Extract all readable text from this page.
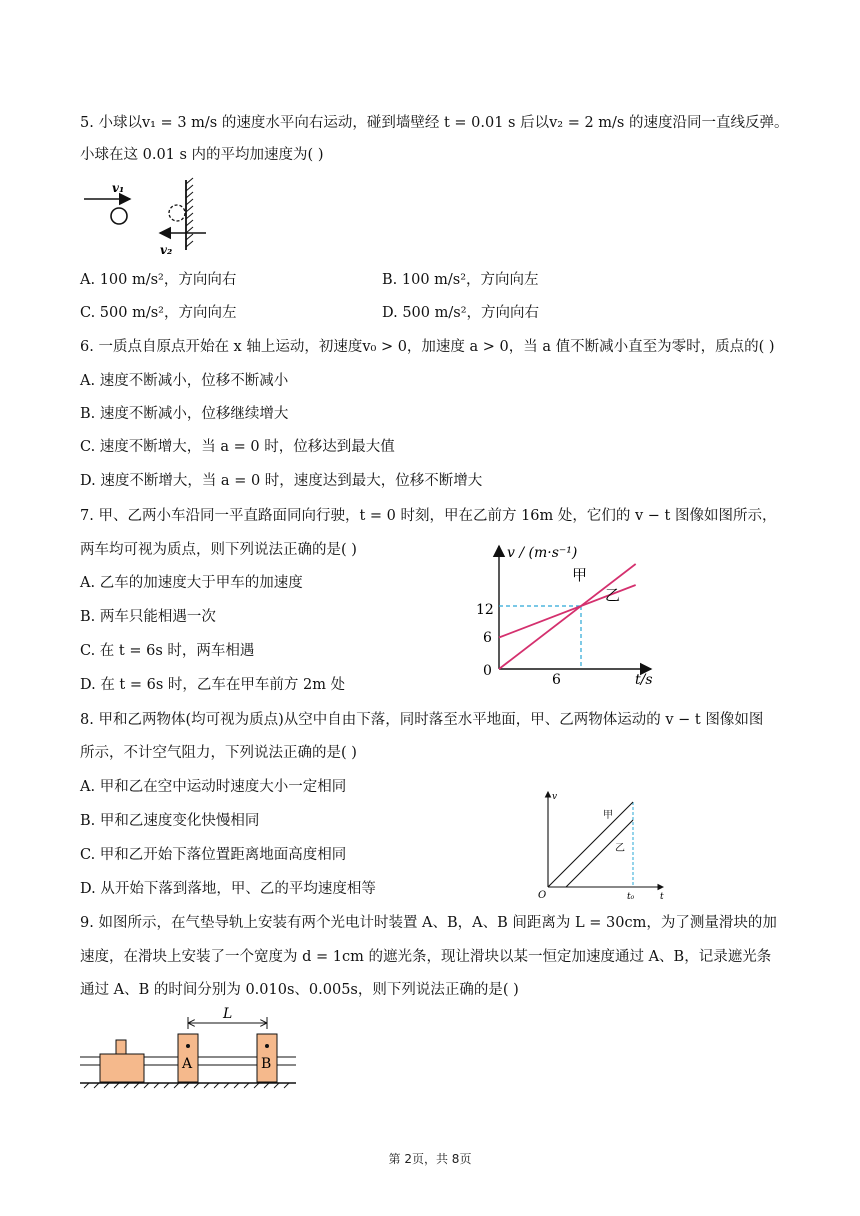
5. 小球以v₁ = 3 m/s 的速度水平向右运动，碰到墙壁经 t = 0.01 s 后以v₂ = 2 m/s 的速度沿同一直线反弹。
小球在这 0.01 s 内的平均加速度为( )
v₁
v₂
A. 100 m/s²，方向向右	B. 100 m/s²，方向向左
C. 500 m/s²，方向向左	D. 500 m/s²，方向向右
6. 一质点自原点开始在 x 轴上运动，初速度v₀ > 0，加速度 a > 0，当 a 值不断减小直至为零时，质点的( )
A. 速度不断减小，位移不断减小
B. 速度不断减小，位移继续增大
C. 速度不断增大，当 a = 0 时，位移达到最大值
D. 速度不断增大，当 a = 0 时，速度达到最大，位移不断增大
7. 甲、乙两小车沿同一平直路面同向行驶，t = 0 时刻，甲在乙前方 16m 处，它们的 v − t 图像如图所示，
两车均可视为质点，则下列说法正确的是( )
A. 乙车的加速度大于甲车的加速度
B. 两车只能相遇一次
C. 在 t = 6s 时，两车相遇
D. 在 t = 6s 时，乙车在甲车前方 2m 处
v / (m·s⁻¹)
t/s
0
6
12
6
甲
乙
8. 甲和乙两物体(均可视为质点)从空中自由下落，同时落至水平地面，甲、乙两物体运动的 v − t 图像如图
所示，不计空气阻力，下列说法正确的是( )
A. 甲和乙在空中运动时速度大小一定相同
B. 甲和乙速度变化快慢相同
C. 甲和乙开始下落位置距离地面高度相同
D. 从开始下落到落地，甲、乙的平均速度相等
v
t
O	t₀
甲
乙
9. 如图所示，在气垫导轨上安装有两个光电计时装置 A、B，A、B 间距离为 L = 30cm，为了测量滑块的加
速度，在滑块上安装了一个宽度为 d = 1cm 的遮光条，现让滑块以某一恒定加速度通过 A、B，记录遮光条
通过 A、B 的时间分别为 0.010s、0.005s，则下列说法正确的是( )
A	B
L
第 2页，共 8页
